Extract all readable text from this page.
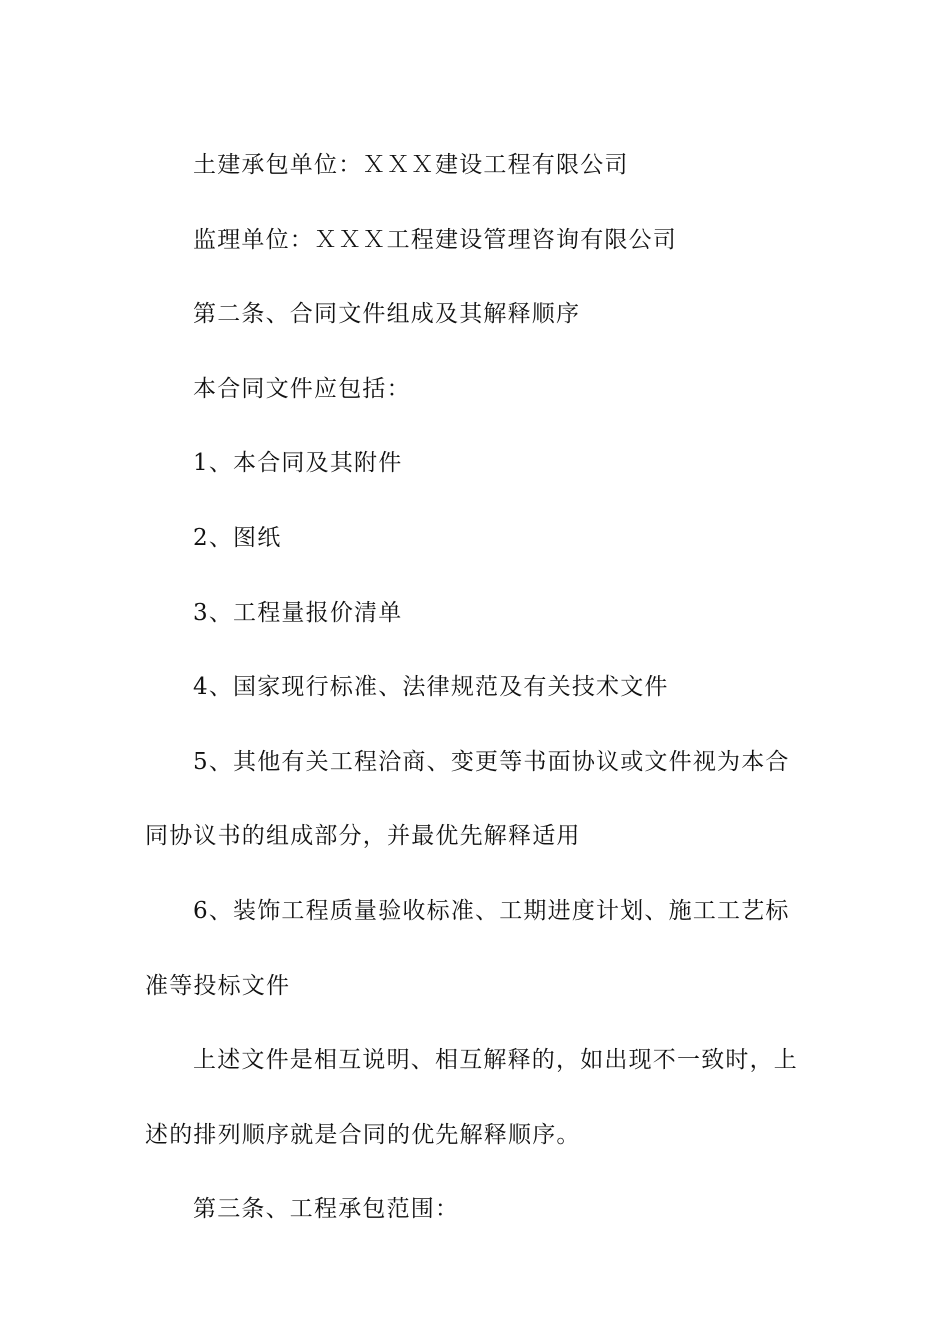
土建承包单位：ＸＸＸ建设工程有限公司

监理单位：ＸＸＸ工程建设管理咨询有限公司

第二条、合同文件组成及其解释顺序

本合同文件应包括：

1、本合同及其附件

2、图纸

3、工程量报价清单

4、国家现行标准、法律规范及有关技术文件

5、其他有关工程洽商、变更等书面协议或文件视为本合同协议书的组成部分，并最优先解释适用

6、装饰工程质量验收标准、工期进度计划、施工工艺标准等投标文件

上述文件是相互说明、相互解释的，如出现不一致时，上述的排列顺序就是合同的优先解释顺序。

第三条、工程承包范围：
